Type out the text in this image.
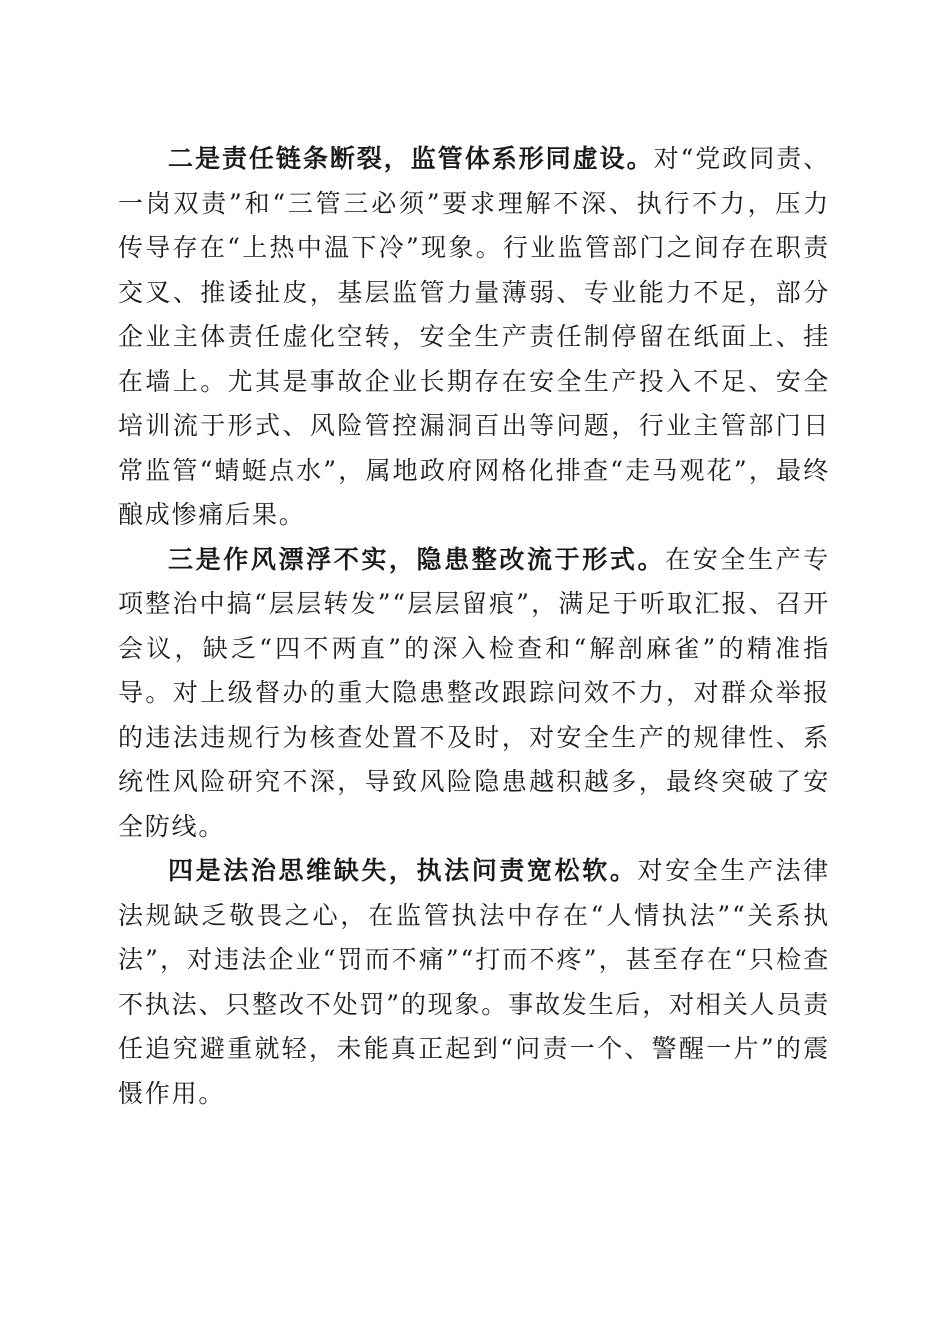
二是责任链条断裂，监管体系形同虚设。对“党政同责、一岗双责”和“三管三必须”要求理解不深、执行不力，压力传导存在“上热中温下冷”现象。行业监管部门之间存在职责交叉、推诿扯皮，基层监管力量薄弱、专业能力不足，部分企业主体责任虚化空转，安全生产责任制停留在纸面上、挂在墙上。尤其是事故企业长期存在安全生产投入不足、安全培训流于形式、风险管控漏洞百出等问题，行业主管部门日常监管“蜻蜓点水”，属地政府网格化排查“走马观花”，最终酿成惨痛后果。

三是作风漂浮不实，隐患整改流于形式。在安全生产专项整治中搞“层层转发”“层层留痕”，满足于听取汇报、召开会议，缺乏“四不两直”的深入检查和“解剖麻雀”的精准指导。对上级督办的重大隐患整改跟踪问效不力，对群众举报的违法违规行为核查处置不及时，对安全生产的规律性、系统性风险研究不深，导致风险隐患越积越多，最终突破了安全防线。

四是法治思维缺失，执法问责宽松软。对安全生产法律法规缺乏敬畏之心，在监管执法中存在“人情执法”“关系执法”，对违法企业“罚而不痛”“打而不疼”，甚至存在“只检查不执法、只整改不处罚”的现象。事故发生后，对相关人员责任追究避重就轻，未能真正起到“问责一个、警醒一片”的震慑作用。
